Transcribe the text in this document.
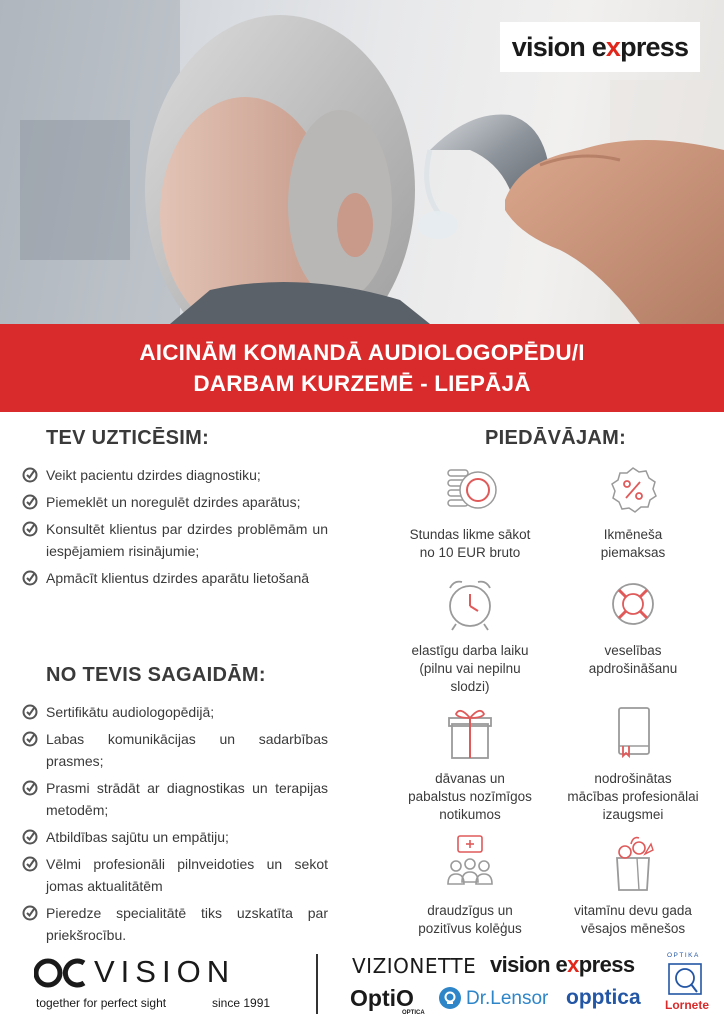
vision e x press
AICINĀM KOMANDĀ AUDIOLOGOPĒDU/I
DARBAM KURZEMĒ - LIEPĀJĀ
TEV UZTICĒSIM:
Veikt pacientu dzirdes diagnostiku;
Piemeklēt un noregulēt dzirdes aparātus;
Konsultēt klientus par dzirdes problēmām un iespējamiem risinājumie;
Apmācīt klientus dzirdes aparātu lietošanā
NO TEVIS SAGAIDĀM:
Sertifikātu audiologopēdijā;
Labas komunikācijas un sadarbības prasmes;
Prasmi strādāt ar diagnostikas un terapijas metodēm;
Atbildības sajūtu un empātiju;
Vēlmi profesionāli pilnveidoties un sekot jomas aktualitātēm
Pieredze specialitātē tiks uzskatīta par priekšrocību.
PIEDĀVĀJAM:
Stundas likme sākot
no 10 EUR bruto
Ikmēneša
piemaksas
elastīgu darba laiku
(pilnu vai nepilnu
slodzi)
veselības
apdrošināšanu
dāvanas un
pabalstus nozīmīgos
notikumos
nodrošinātas
mācības profesionālai
izaugsmei
draudzīgus un
pozitīvus kolēģus
vitamīnu devu gada
vēsajos mēnešos
VISION
together for perfect sight	since 1991
VIZIONETTE vision express
OptiO
OPTICA
Dr.Lensor opptica
OPTIKA
Lornete
